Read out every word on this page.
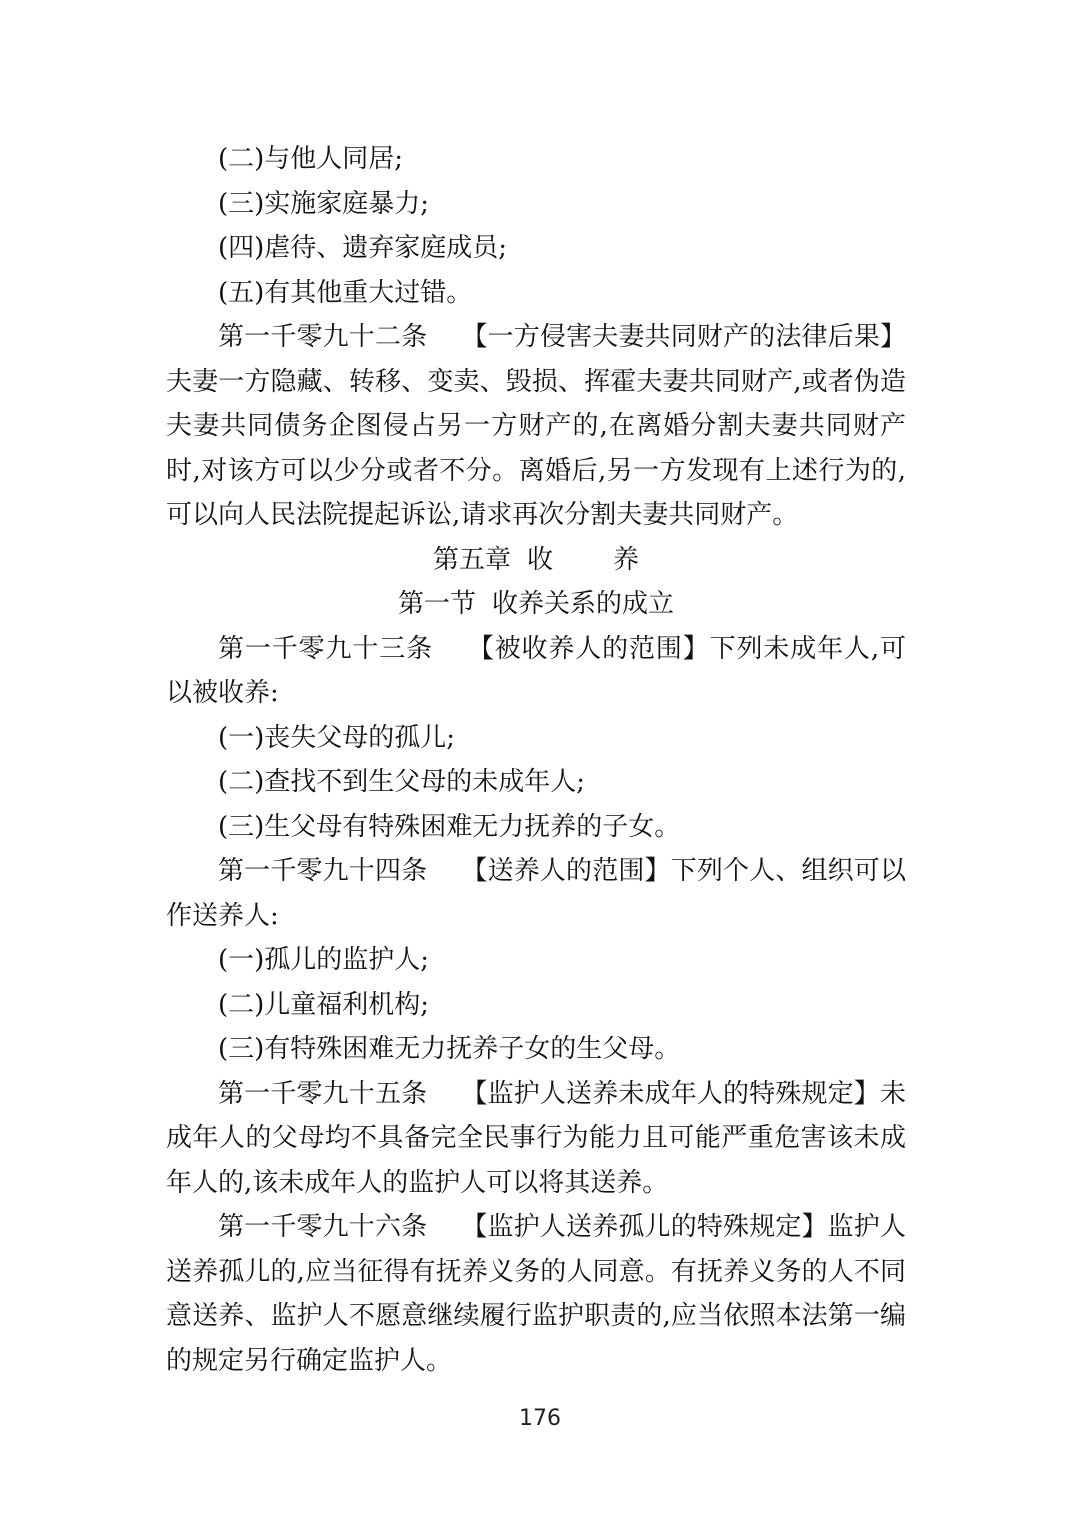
(二)与他人同居;
(三)实施家庭暴力;
(四)虐待、遗弃家庭成员;
(五)有其他重大过错。
第一千零九十二条 【一方侵害夫妻共同财产的法律后果】夫妻一方隐藏、转移、变卖、毁损、挥霍夫妻共同财产,或者伪造夫妻共同债务企图侵占另一方财产的,在离婚分割夫妻共同财产时,对该方可以少分或者不分。离婚后,另一方发现有上述行为的,可以向人民法院提起诉讼,请求再次分割夫妻共同财产。
第五章 收 养
第一节 收养关系的成立
第一千零九十三条 【被收养人的范围】下列未成年人,可以被收养:
(一)丧失父母的孤儿;
(二)查找不到生父母的未成年人;
(三)生父母有特殊困难无力抚养的子女。
第一千零九十四条 【送养人的范围】下列个人、组织可以作送养人:
(一)孤儿的监护人;
(二)儿童福利机构;
(三)有特殊困难无力抚养子女的生父母。
第一千零九十五条 【监护人送养未成年人的特殊规定】未成年人的父母均不具备完全民事行为能力且可能严重危害该未成年人的,该未成年人的监护人可以将其送养。
第一千零九十六条 【监护人送养孤儿的特殊规定】监护人送养孤儿的,应当征得有抚养义务的人同意。有抚养义务的人不同意送养、监护人不愿意继续履行监护职责的,应当依照本法第一编的规定另行确定监护人。
176
